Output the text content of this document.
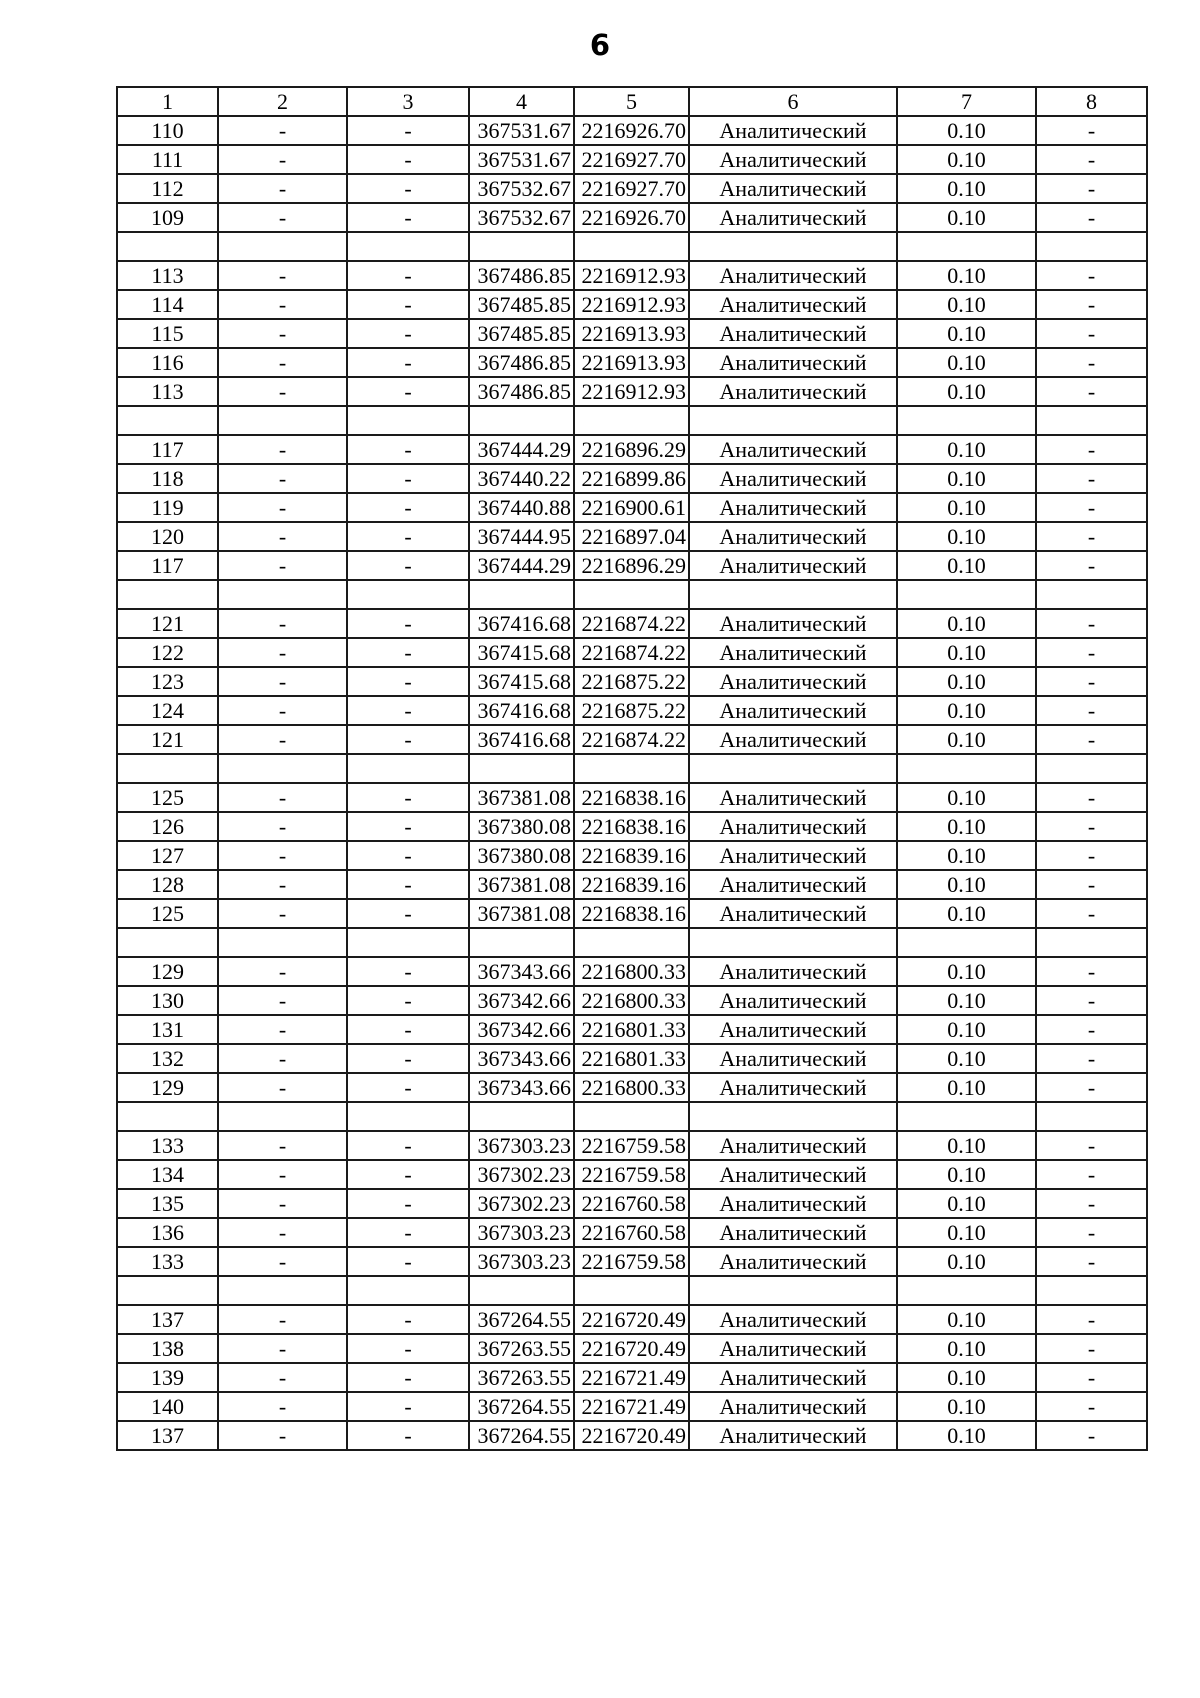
6
1	2	3	4	5	6	7	8
110	-	-	367531.67	2216926.70	Аналитический	0.10	-
111	-	-	367531.67	2216927.70	Аналитический	0.10	-
112	-	-	367532.67	2216927.70	Аналитический	0.10	-
109	-	-	367532.67	2216926.70	Аналитический	0.10	-

113	-	-	367486.85	2216912.93	Аналитический	0.10	-
114	-	-	367485.85	2216912.93	Аналитический	0.10	-
115	-	-	367485.85	2216913.93	Аналитический	0.10	-
116	-	-	367486.85	2216913.93	Аналитический	0.10	-
113	-	-	367486.85	2216912.93	Аналитический	0.10	-

117	-	-	367444.29	2216896.29	Аналитический	0.10	-
118	-	-	367440.22	2216899.86	Аналитический	0.10	-
119	-	-	367440.88	2216900.61	Аналитический	0.10	-
120	-	-	367444.95	2216897.04	Аналитический	0.10	-
117	-	-	367444.29	2216896.29	Аналитический	0.10	-

121	-	-	367416.68	2216874.22	Аналитический	0.10	-
122	-	-	367415.68	2216874.22	Аналитический	0.10	-
123	-	-	367415.68	2216875.22	Аналитический	0.10	-
124	-	-	367416.68	2216875.22	Аналитический	0.10	-
121	-	-	367416.68	2216874.22	Аналитический	0.10	-

125	-	-	367381.08	2216838.16	Аналитический	0.10	-
126	-	-	367380.08	2216838.16	Аналитический	0.10	-
127	-	-	367380.08	2216839.16	Аналитический	0.10	-
128	-	-	367381.08	2216839.16	Аналитический	0.10	-
125	-	-	367381.08	2216838.16	Аналитический	0.10	-

129	-	-	367343.66	2216800.33	Аналитический	0.10	-
130	-	-	367342.66	2216800.33	Аналитический	0.10	-
131	-	-	367342.66	2216801.33	Аналитический	0.10	-
132	-	-	367343.66	2216801.33	Аналитический	0.10	-
129	-	-	367343.66	2216800.33	Аналитический	0.10	-

133	-	-	367303.23	2216759.58	Аналитический	0.10	-
134	-	-	367302.23	2216759.58	Аналитический	0.10	-
135	-	-	367302.23	2216760.58	Аналитический	0.10	-
136	-	-	367303.23	2216760.58	Аналитический	0.10	-
133	-	-	367303.23	2216759.58	Аналитический	0.10	-

137	-	-	367264.55	2216720.49	Аналитический	0.10	-
138	-	-	367263.55	2216720.49	Аналитический	0.10	-
139	-	-	367263.55	2216721.49	Аналитический	0.10	-
140	-	-	367264.55	2216721.49	Аналитический	0.10	-
137	-	-	367264.55	2216720.49	Аналитический	0.10	-
